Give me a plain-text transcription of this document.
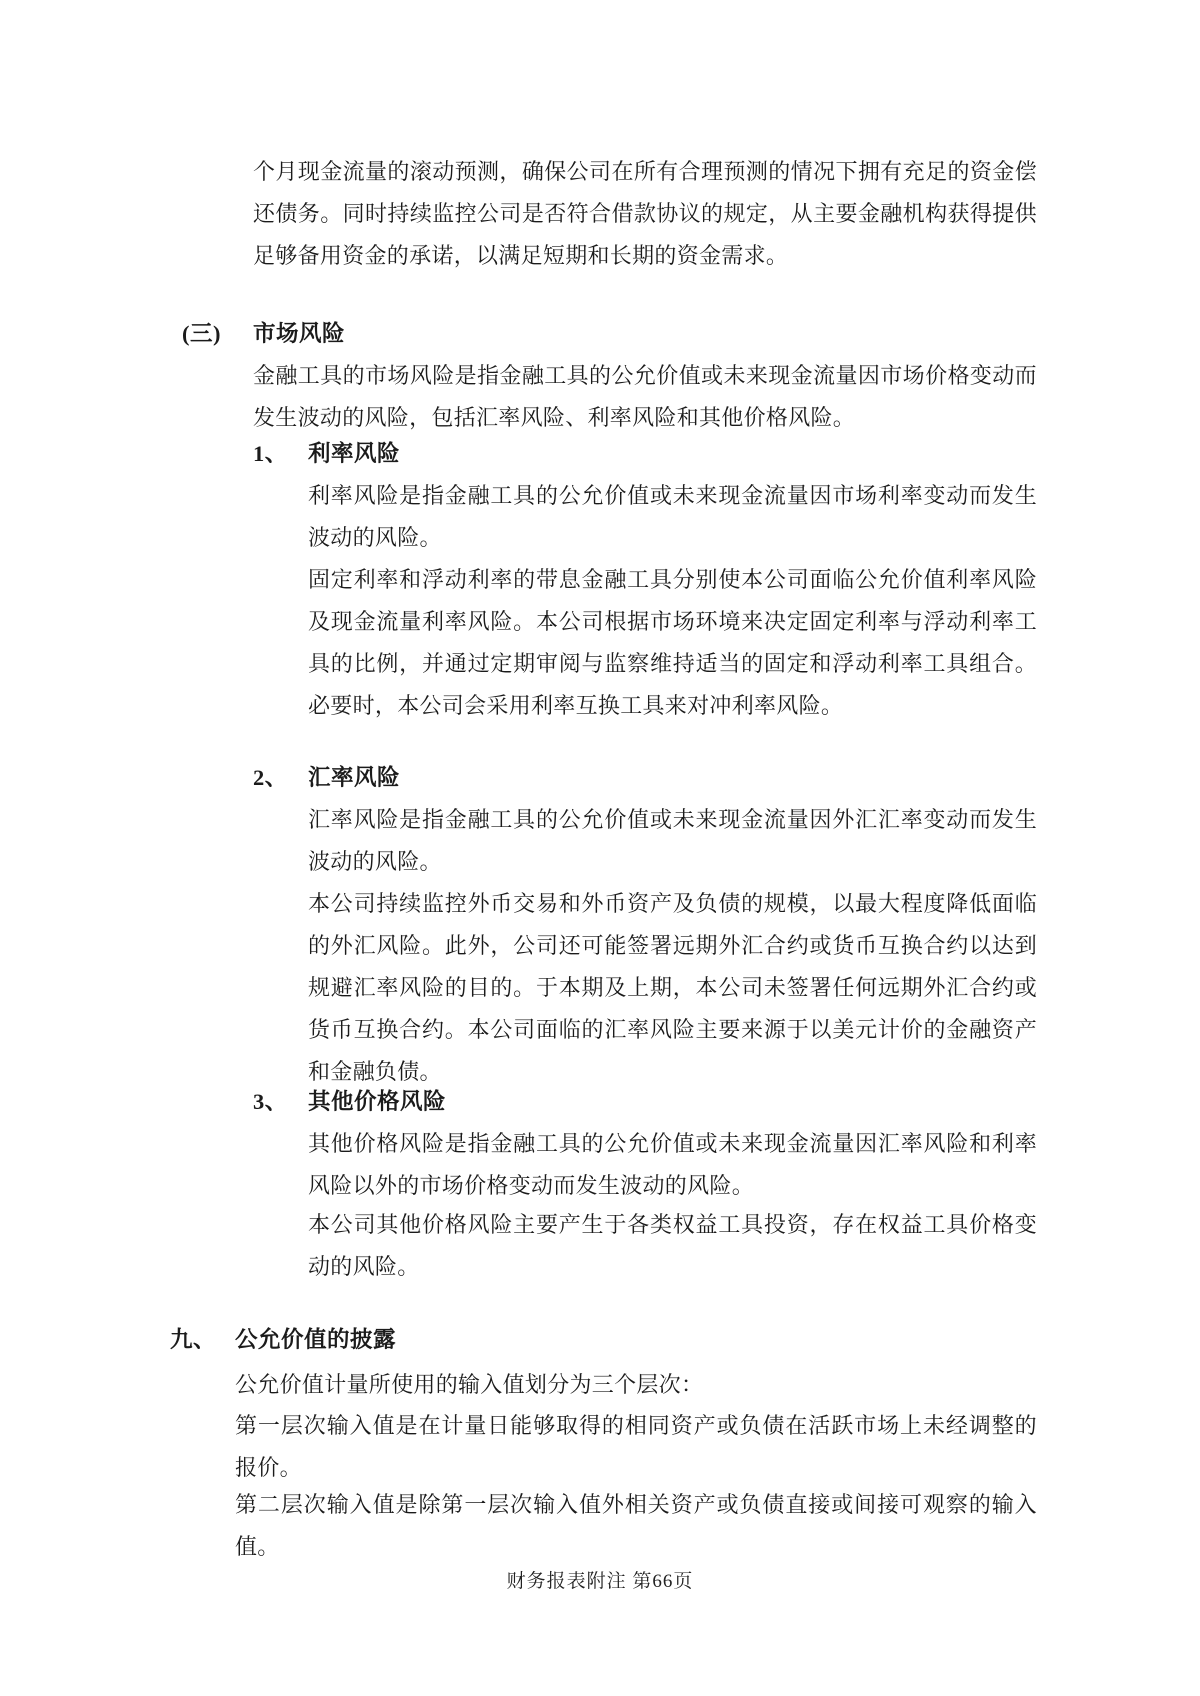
个月现金流量的滚动预测，确保公司在所有合理预测的情况下拥有充足的资金偿还债务。同时持续监控公司是否符合借款协议的规定，从主要金融机构获得提供足够备用资金的承诺，以满足短期和长期的资金需求。
(三) 市场风险
金融工具的市场风险是指金融工具的公允价值或未来现金流量因市场价格变动而发生波动的风险，包括汇率风险、利率风险和其他价格风险。
1、 利率风险
利率风险是指金融工具的公允价值或未来现金流量因市场利率变动而发生波动的风险。
固定利率和浮动利率的带息金融工具分别使本公司面临公允价值利率风险及现金流量利率风险。本公司根据市场环境来决定固定利率与浮动利率工具的比例，并通过定期审阅与监察维持适当的固定和浮动利率工具组合。必要时，本公司会采用利率互换工具来对冲利率风险。
2、 汇率风险
汇率风险是指金融工具的公允价值或未来现金流量因外汇汇率变动而发生波动的风险。
本公司持续监控外币交易和外币资产及负债的规模，以最大程度降低面临的外汇风险。此外，公司还可能签署远期外汇合约或货币互换合约以达到规避汇率风险的目的。于本期及上期，本公司未签署任何远期外汇合约或货币互换合约。本公司面临的汇率风险主要来源于以美元计价的金融资产和金融负债。
3、 其他价格风险
其他价格风险是指金融工具的公允价值或未来现金流量因汇率风险和利率风险以外的市场价格变动而发生波动的风险。
本公司其他价格风险主要产生于各类权益工具投资，存在权益工具价格变动的风险。
九、 公允价值的披露
公允价值计量所使用的输入值划分为三个层次：
第一层次输入值是在计量日能够取得的相同资产或负债在活跃市场上未经调整的报价。
第二层次输入值是除第一层次输入值外相关资产或负债直接或间接可观察的输入值。
财务报表附注 第66页
